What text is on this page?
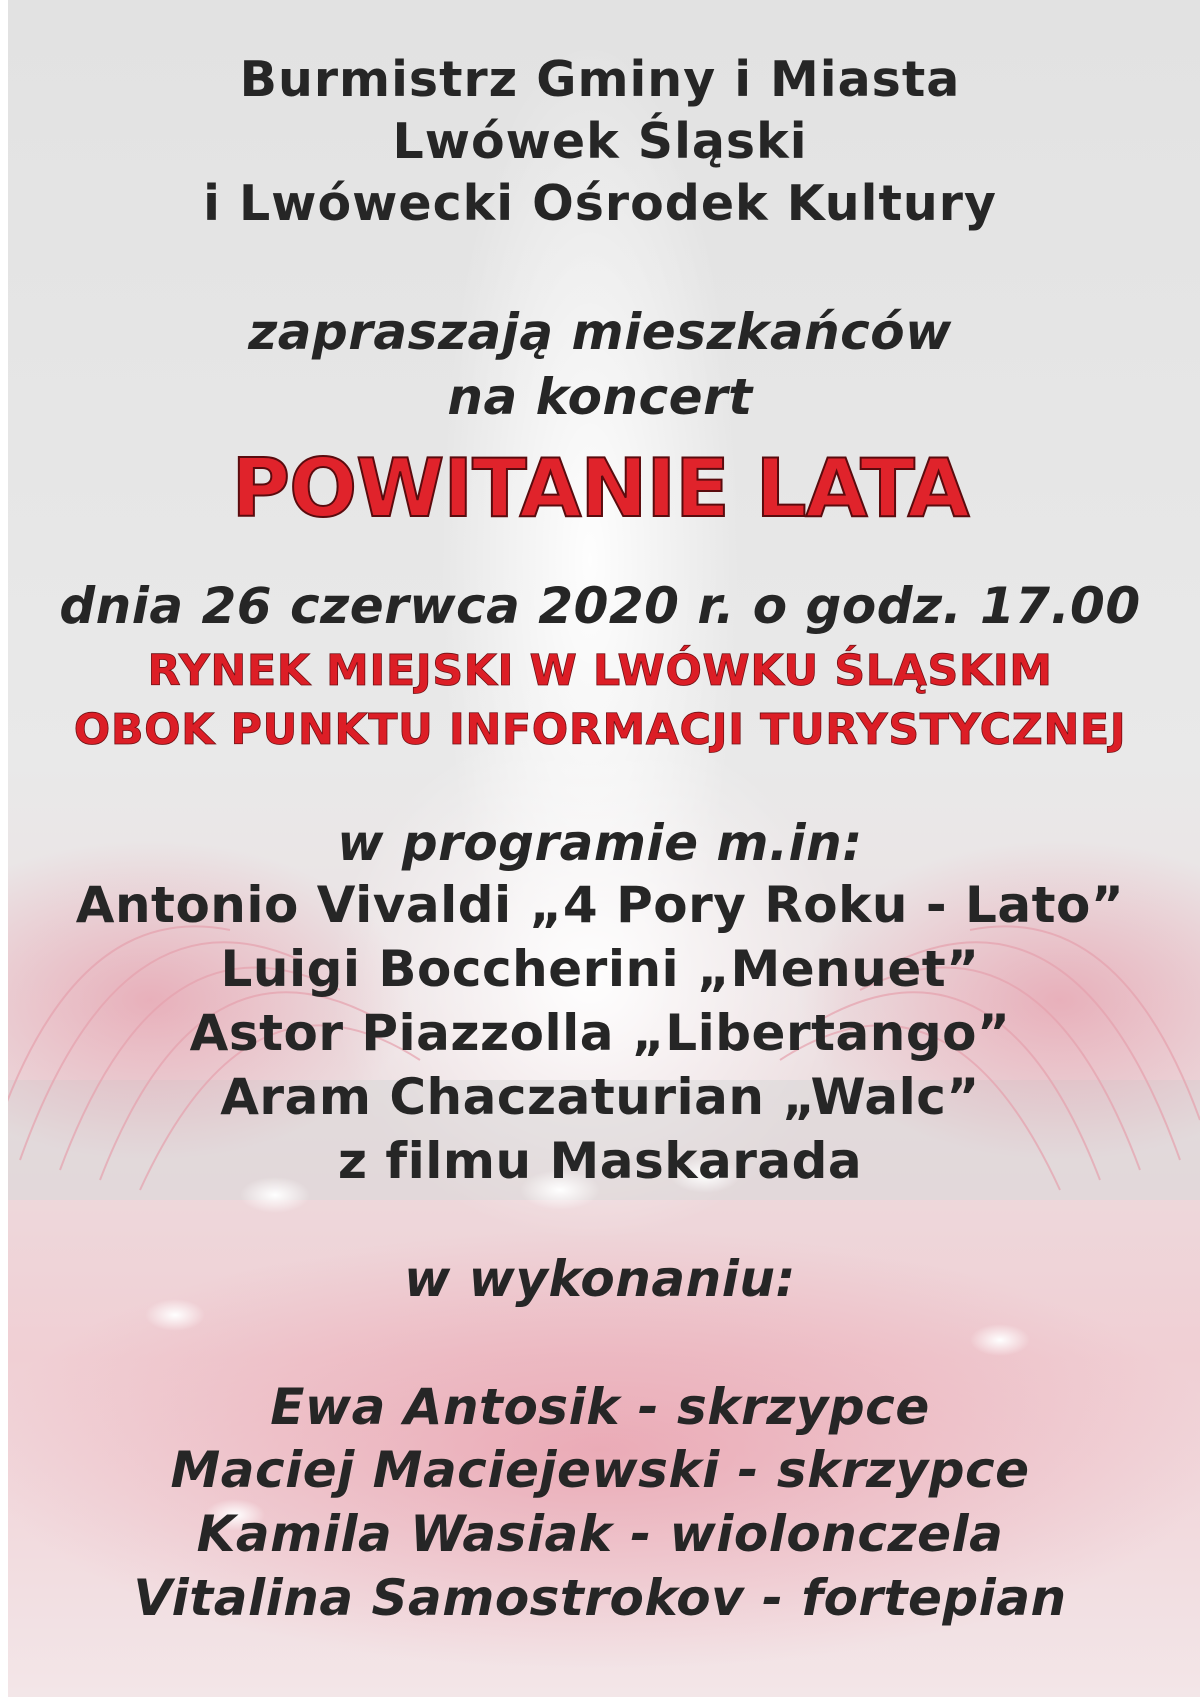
Burmistrz Gminy i Miasta
Lwówek Śląski
i Lwówecki Ośrodek Kultury
zapraszają mieszkańców
na koncert
POWITANIE LATA
dnia 26 czerwca 2020 r. o godz. 17.00
RYNEK MIEJSKI W LWÓWKU ŚLĄSKIM
OBOK PUNKTU INFORMACJI TURYSTYCZNEJ
w programie m.in:
Antonio Vivaldi „4 Pory Roku - Lato”
Luigi Boccherini „Menuet”
Astor Piazzolla „Libertango”
Aram Chaczaturian „Walc”
z filmu Maskarada
w wykonaniu:
Ewa Antosik - skrzypce
Maciej Maciejewski - skrzypce
Kamila Wasiak - wiolonczela
Vitalina Samostrokov - fortepian
